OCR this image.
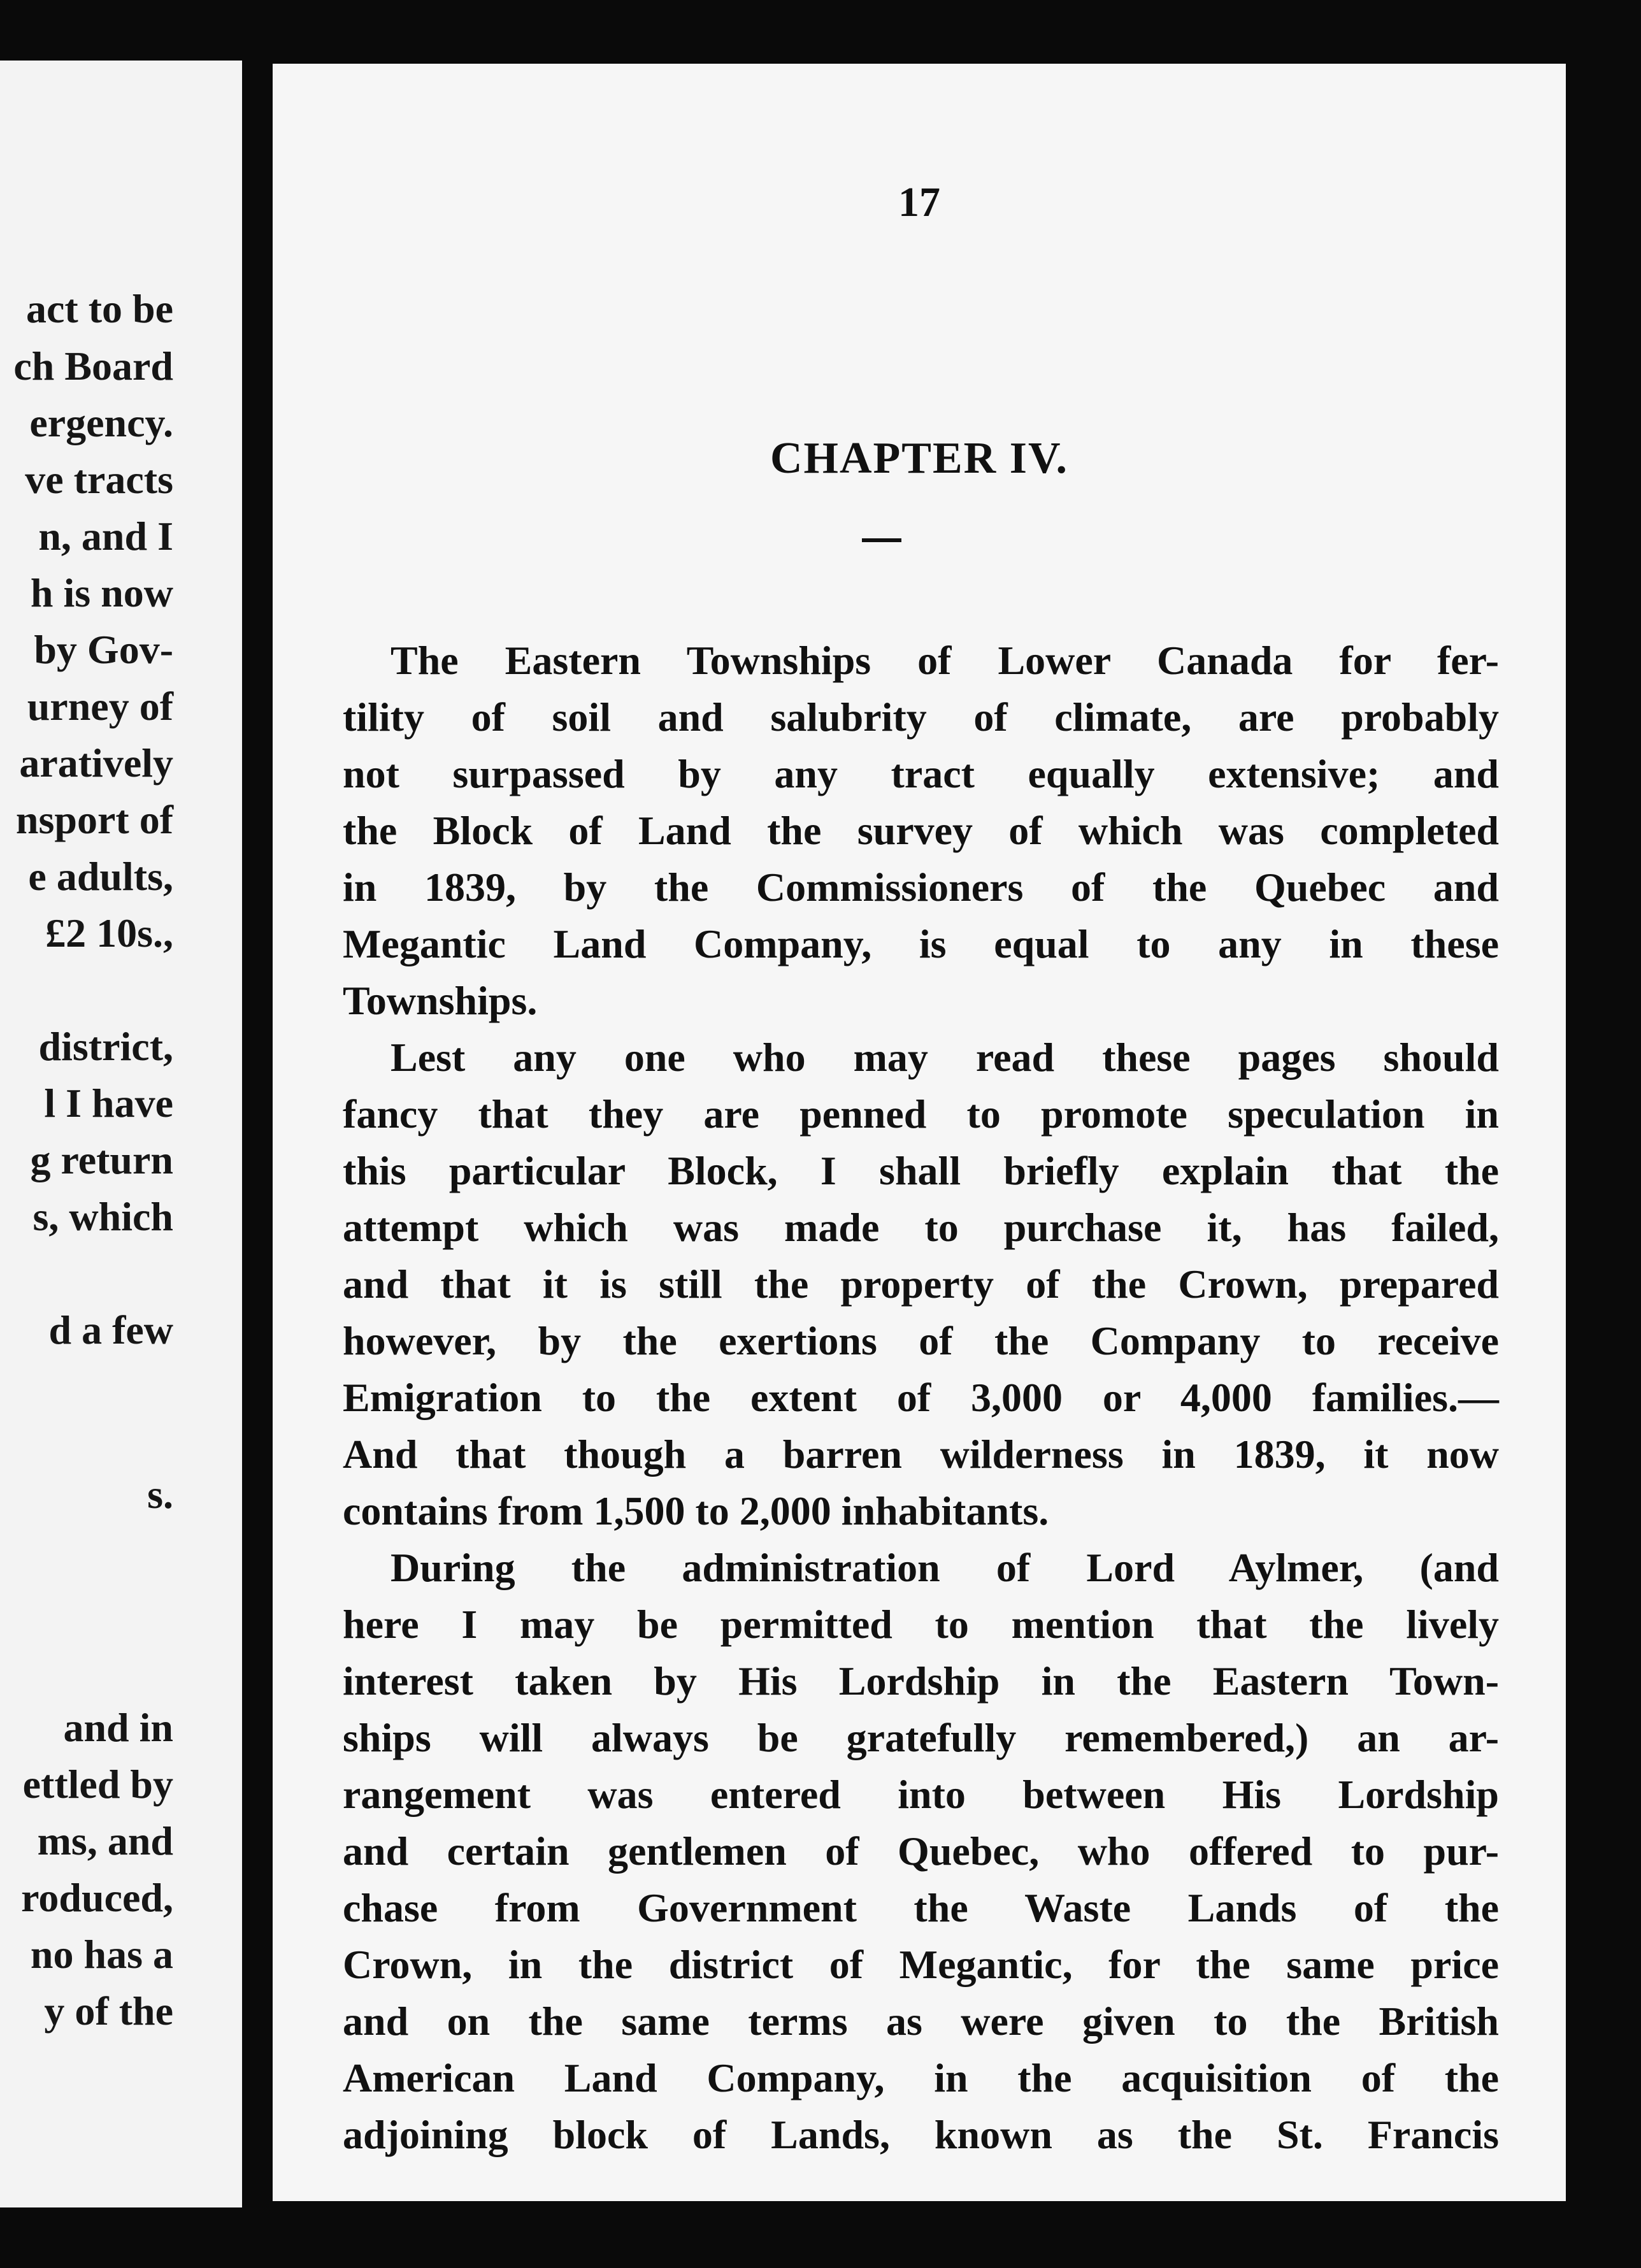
act to be

ch Board

ergency.

ve tracts

n, and I

h is now

by Gov-

urney of

aratively

nsport of

e adults,

£2 10s.,

district,

l I have

g return

s, which

d a few

s.

and in

ettled by

ms, and

roduced,

no has a

y of the

17

CHAPTER IV.

The Eastern Townships of Lower Canada for fer-

tility of soil and salubrity of climate, are probably

not surpassed by any tract equally extensive; and

the Block of Land the survey of which was completed

in 1839, by the Commissioners of the Quebec and

Megantic Land Company, is equal to any in these

Townships.

Lest any one who may read these pages should

fancy that they are penned to promote speculation in

this particular Block, I shall briefly explain that the

attempt which was made to purchase it, has failed,

and that it is still the property of the Crown, prepared

however, by the exertions of the Company to receive

Emigration to the extent of 3,000 or 4,000 families.—

And that though a barren wilderness in 1839, it now

contains from 1,500 to 2,000 inhabitants.

During the administration of Lord Aylmer, (and

here I may be permitted to mention that the lively

interest taken by His Lordship in the Eastern Town-

ships will always be gratefully remembered,) an ar-

rangement was entered into between His Lordship

and certain gentlemen of Quebec, who offered to pur-

chase from Government the Waste Lands of the

Crown, in the district of Megantic, for the same price

and on the same terms as were given to the British

American Land Company, in the acquisition of the

adjoining block of Lands, known as the St. Francis
